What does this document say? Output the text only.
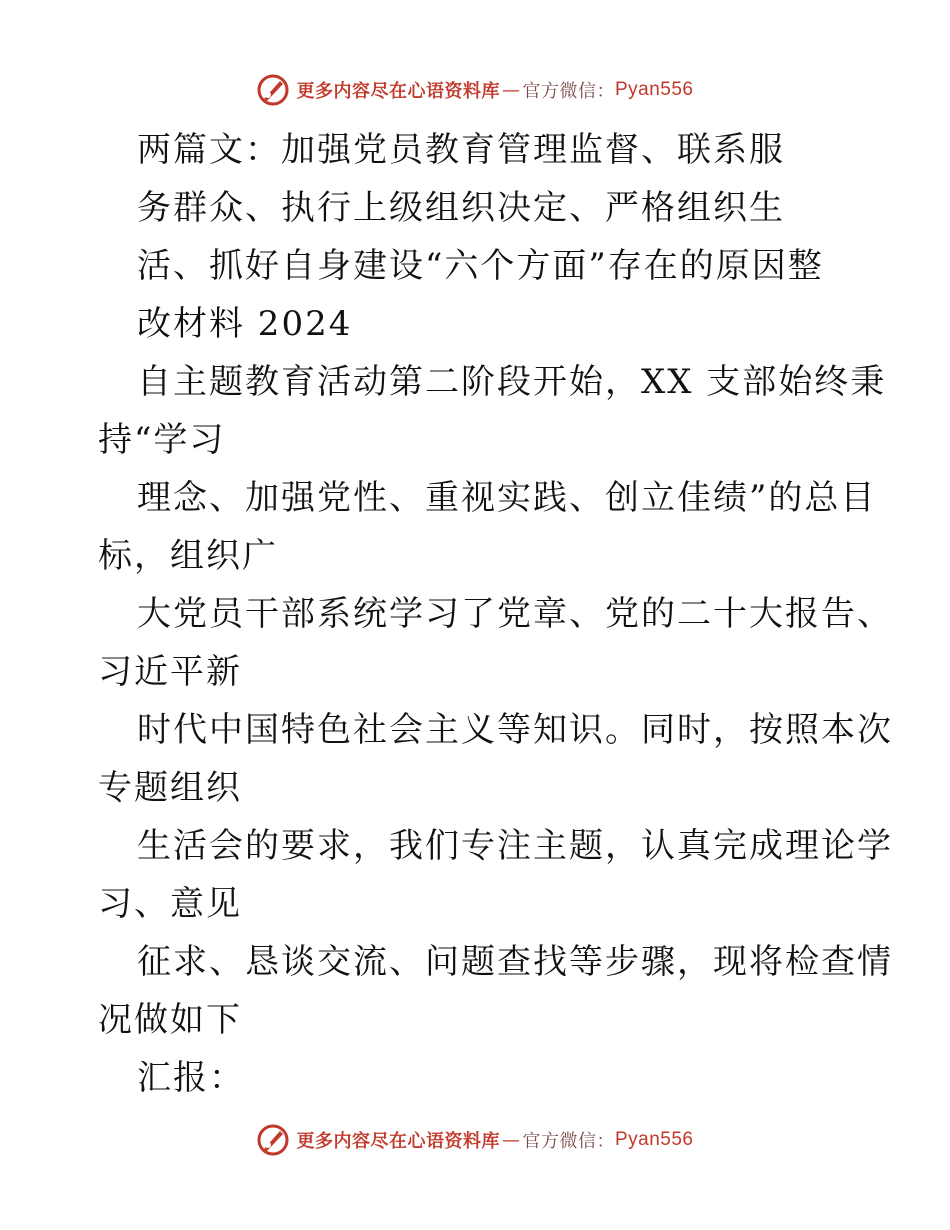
更多内容尽在心语资料库 — 官方微信： Pyan556
两篇文：加强党员教育管理监督、联系服
务群众、执行上级组织决定、严格组织生
活、抓好自身建设“六个方面”存在的原因整
改材料 2024
自主题教育活动第二阶段开始，XX 支部始终秉
持“学习
理念、加强党性、重视实践、创立佳绩”的总目
标，组织广
大党员干部系统学习了党章、党的二十大报告、
习近平新
时代中国特色社会主义等知识。同时，按照本次
专题组织
生活会的要求，我们专注主题，认真完成理论学
习、意见
征求、恳谈交流、问题查找等步骤，现将检查情
况做如下
汇报：
更多内容尽在心语资料库 — 官方微信： Pyan556
